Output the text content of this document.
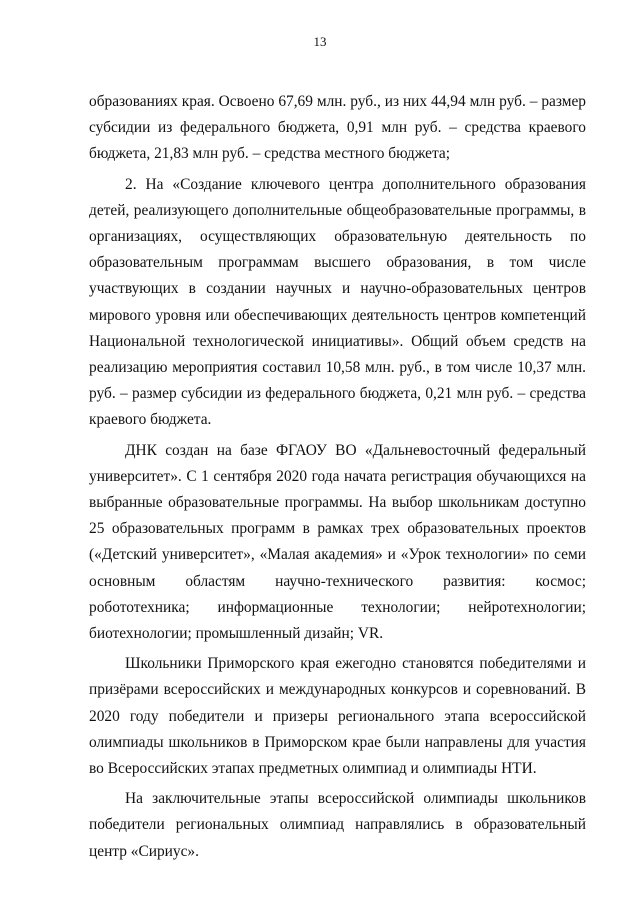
13

образованиях края. Освоено 67,69 млн. руб., из них 44,94 млн руб. – размер субсидии из федерального бюджета, 0,91 млн руб. – средства краевого бюджета, 21,83 млн руб. – средства местного бюджета;

2. На «Создание ключевого центра дополнительного образования детей, реализующего дополнительные общеобразовательные программы, в организациях, осуществляющих образовательную деятельность по образовательным программам высшего образования, в том числе участвующих в создании научных и научно-образовательных центров мирового уровня или обеспечивающих деятельность центров компетенций Национальной технологической инициативы». Общий объем средств на реализацию мероприятия составил 10,58 млн. руб., в том числе 10,37 млн. руб. – размер субсидии из федерального бюджета, 0,21 млн руб. – средства краевого бюджета.

ДНК создан на базе ФГАОУ ВО «Дальневосточный федеральный университет». С 1 сентября 2020 года начата регистрация обучающихся на выбранные образовательные программы. На выбор школьникам доступно 25 образовательных программ в рамках трех образовательных проектов («Детский университет», «Малая академия» и «Урок технологии» по семи основным областям научно-технического развития: космос; робототехника; информационные технологии; нейротехнологии; биотехнологии; промышленный дизайн; VR.

Школьники Приморского края ежегодно становятся победителями и призёрами всероссийских и международных конкурсов и соревнований. В 2020 году победители и призеры регионального этапа всероссийской олимпиады школьников в Приморском крае были направлены для участия во Всероссийских этапах предметных олимпиад и олимпиады НТИ.

На заключительные этапы всероссийской олимпиады школьников победители региональных олимпиад направлялись в образовательный центр «Сириус».
